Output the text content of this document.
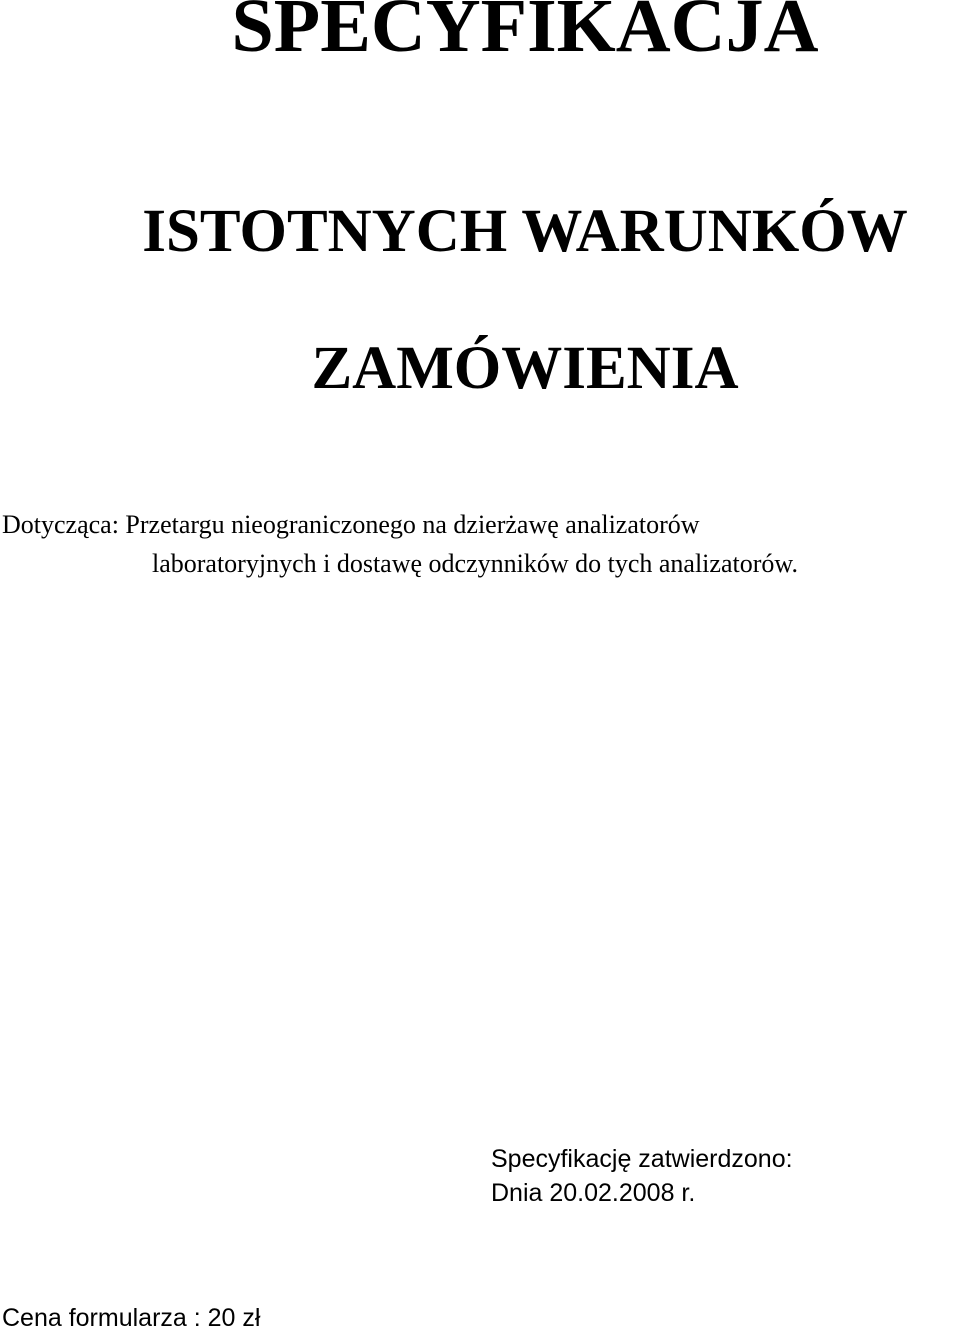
SPECYFIKACJA
ISTOTNYCH WARUNKÓW
ZAMÓWIENIA

Dotycząca: Przetargu nieograniczonego na dzierżawę analizatorów

laboratoryjnych i dostawę odczynników do tych analizatorów.

Specyfikację zatwierdzono:

Dnia 20.02.2008 r.

Cena formularza : 20 zł
